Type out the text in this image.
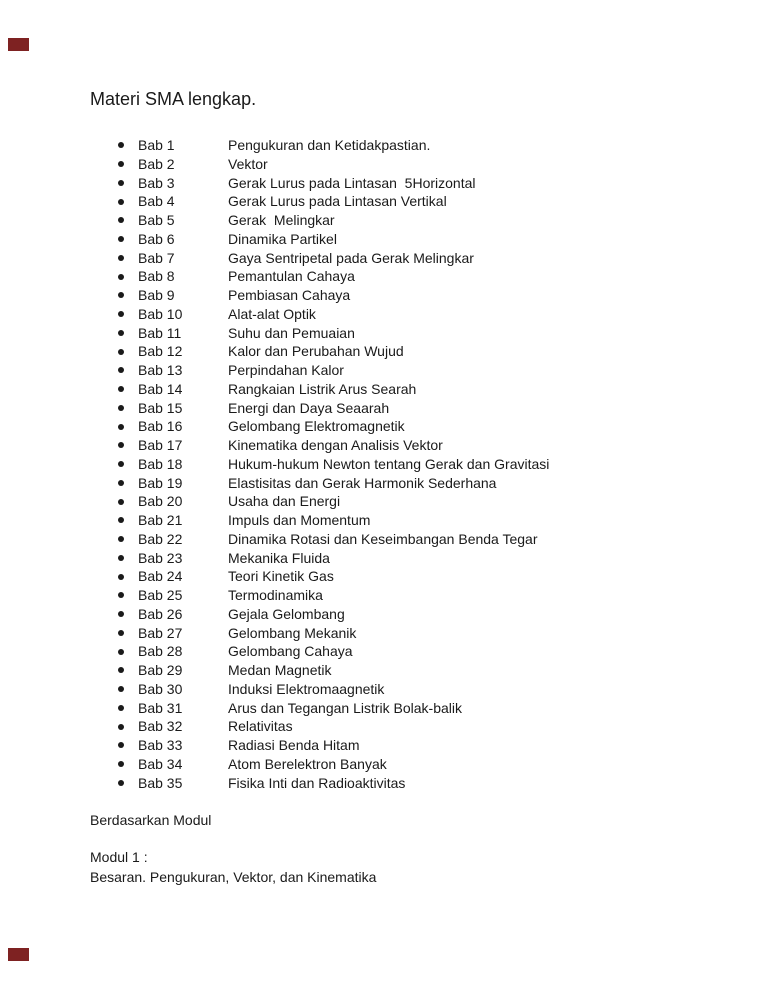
Materi SMA lengkap.
Bab 1	Pengukuran dan Ketidakpastian.
Bab 2	Vektor
Bab 3	Gerak Lurus pada Lintasan  5Horizontal
Bab 4	Gerak Lurus pada Lintasan Vertikal
Bab 5	Gerak  Melingkar
Bab 6	Dinamika Partikel
Bab 7	Gaya Sentripetal pada Gerak Melingkar
Bab 8	Pemantulan Cahaya
Bab 9	Pembiasan Cahaya
Bab 10	Alat-alat Optik
Bab 11	Suhu dan Pemuaian
Bab 12	Kalor dan Perubahan Wujud
Bab 13	Perpindahan Kalor
Bab 14	Rangkaian Listrik Arus Searah
Bab 15	Energi dan Daya Seaarah
Bab 16	Gelombang Elektromagnetik
Bab 17	Kinematika dengan Analisis Vektor
Bab 18	Hukum-hukum Newton tentang Gerak dan Gravitasi
Bab 19	Elastisitas dan Gerak Harmonik Sederhana
Bab 20	Usaha dan Energi
Bab 21	Impuls dan Momentum
Bab 22	Dinamika Rotasi dan Keseimbangan Benda Tegar
Bab 23	Mekanika Fluida
Bab 24	Teori Kinetik Gas
Bab 25	Termodinamika
Bab 26	Gejala Gelombang
Bab 27	Gelombang Mekanik
Bab 28	Gelombang Cahaya
Bab 29	Medan Magnetik
Bab 30	Induksi Elektromaagnetik
Bab 31	Arus dan Tegangan Listrik Bolak-balik
Bab 32	Relativitas
Bab 33	Radiasi Benda Hitam
Bab 34	Atom Berelektron Banyak
Bab 35	Fisika Inti dan Radioaktivitas

Berdasarkan Modul

Modul 1 :

Besaran. Pengukuran, Vektor, dan Kinematika
